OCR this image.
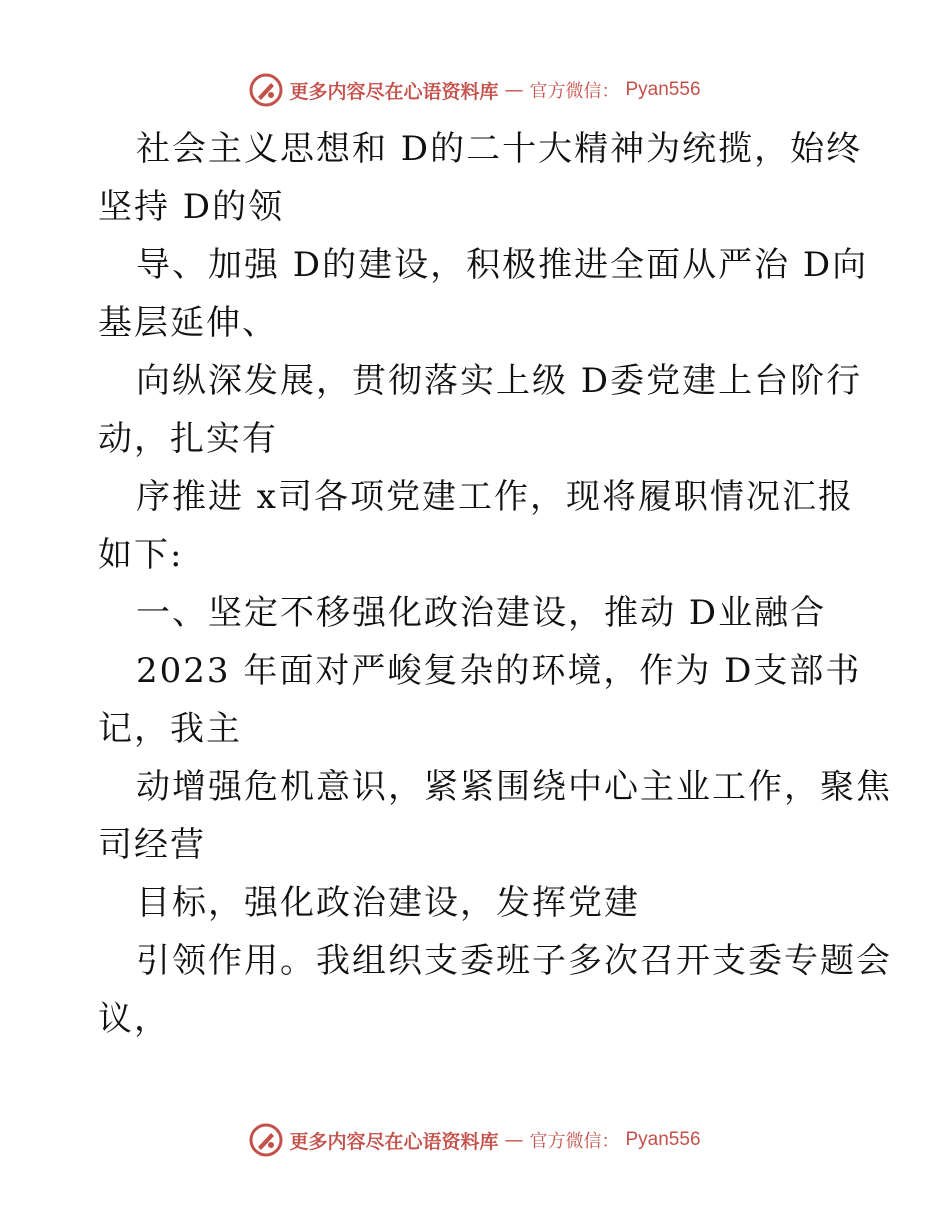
更多内容尽在心语资料库 — 官方微信： Pyan556
社会主义思想和 D的二十大精神为统揽，始终
坚持 D的领
导、加强 D的建设，积极推进全面从严治 D向
基层延伸、
向纵深发展，贯彻落实上级 D委党建上台阶行
动，扎实有
序推进 x司各项党建工作，现将履职情况汇报
如下:
一、坚定不移强化政治建设，推动 D业融合
2023 年面对严峻复杂的环境，作为 D支部书
记，我主
动增强危机意识，紧紧围绕中心主业工作，聚焦
司经营
目标，强化政治建设，发挥党建
引领作用。我组织支委班子多次召开支委专题会
议，
更多内容尽在心语资料库 — 官方微信： Pyan556
